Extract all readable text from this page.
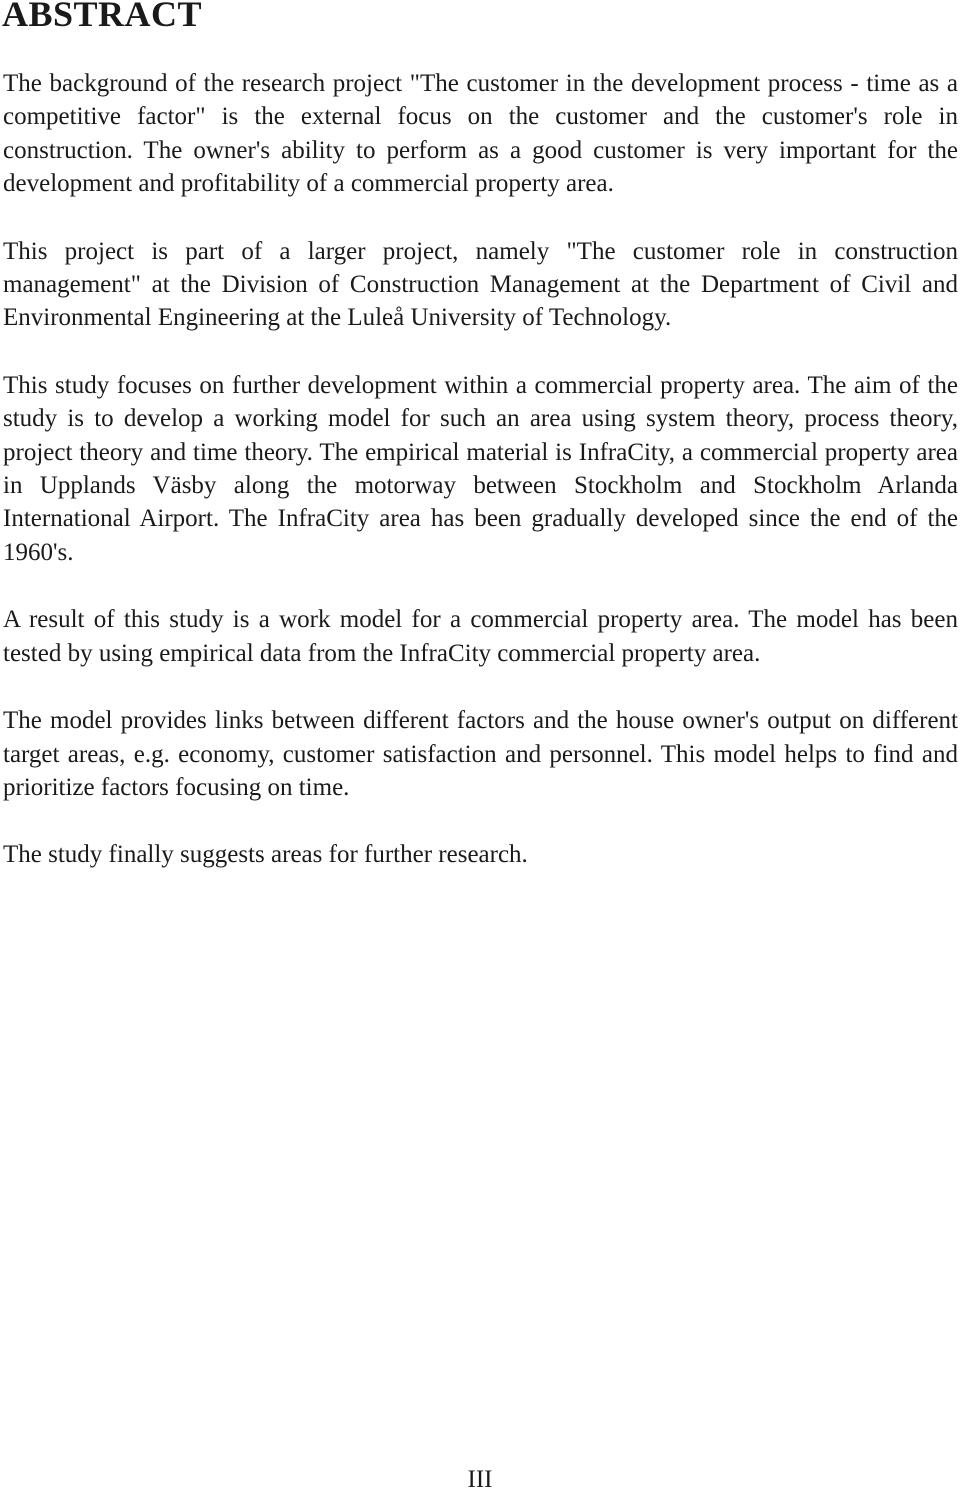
ABSTRACT

The background of the research project "The customer in the development process - time as a competitive factor" is the external focus on the customer and the customer's role in construction. The owner's ability to perform as a good customer is very important for the development and profitability of a commercial property area.

This project is part of a larger project, namely "The customer role in construction management" at the Division of Construction Management at the Department of Civil and Environmental Engineering at the Luleå University of Technology.

This study focuses on further development within a commercial property area. The aim of the study is to develop a working model for such an area using system theory, process theory, project theory and time theory. The empirical material is InfraCity, a commercial property area in Upplands Väsby along the motorway between Stockholm and Stockholm Arlanda International Airport. The InfraCity area has been gradually developed since the end of the 1960's.

A result of this study is a work model for a commercial property area. The model has been tested by using empirical data from the InfraCity commercial property area.

The model provides links between different factors and the house owner's output on different target areas, e.g. economy, customer satisfaction and personnel. This model helps to find and prioritize factors focusing on time.

The study finally suggests areas for further research.

III
